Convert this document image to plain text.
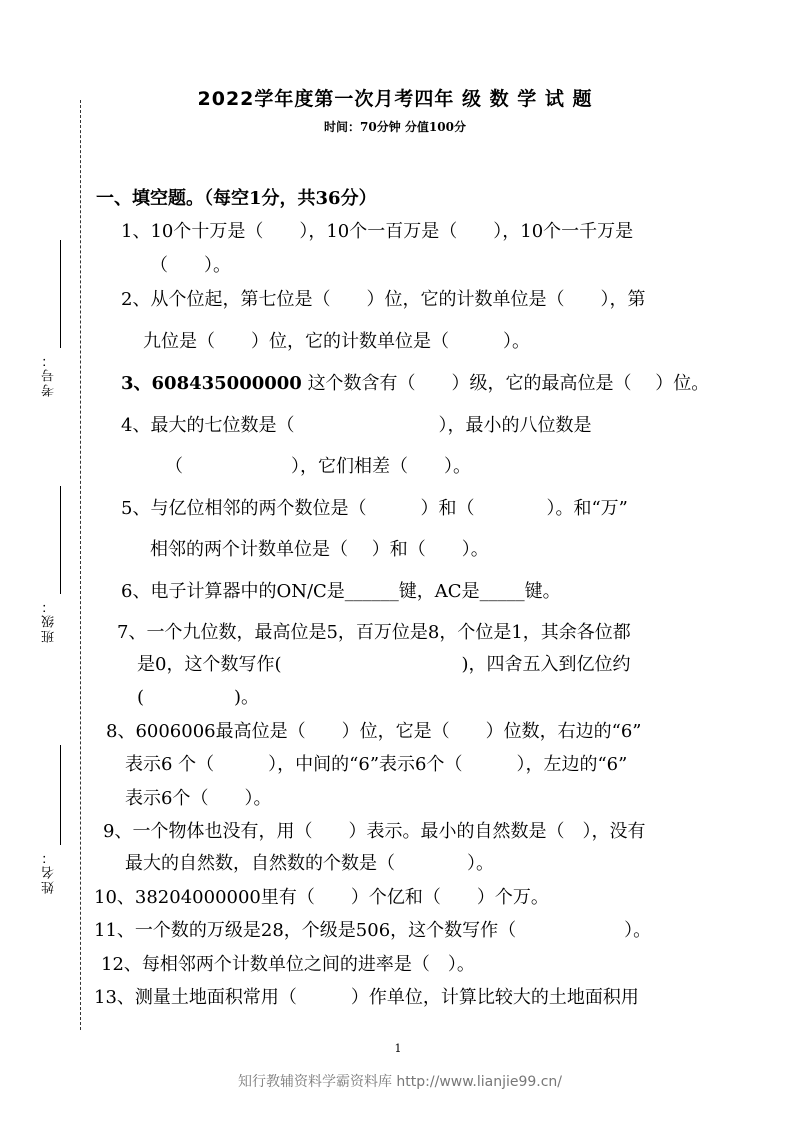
考号：
班级：
姓名：
2022学年度第一次月考四年 级 数 学 试 题
时间：70分钟 分值100分
一、填空题。（每空1分，共36分）
1、10个十万是（　　），10个一百万是（　　），10个一千万是
（　　）。
2、从个位起，第七位是（　　）位，它的计数单位是（　　），第
九位是（　　）位，它的计数单位是（　　　）。
3、608435000000 这个数含有（　　）级，它的最高位是（　 ）位。
4、最大的七位数是（　　　　　　　　），最小的八位数是
（　　　　　　），它们相差（　　）。
5、与亿位相邻的两个数位是（　　　）和（　　　　）。和“万”
相邻的两个计数单位是（　 ）和（　　）。
6、电子计算器中的ON/C是______键，AC是_____键。
7、一个九位数，最高位是5，百万位是8，个位是1，其余各位都
是0，这个数写作(　　　　　　　　　　)，四舍五入到亿位约
(　　　　　)。
8、6006006最高位是（　　）位，它是（　　）位数，右边的“6”
表示6 个（　　　），中间的“6”表示6个（　　　），左边的“6”
表示6个（　　）。
9、一个物体也没有，用（　　）表示。最小的自然数是（　），没有
最大的自然数，自然数的个数是（　　　　）。
10、38204000000里有（　　）个亿和（　　）个万。
11、一个数的万级是28，个级是506，这个数写作（　　　　　　）。
12、每相邻两个计数单位之间的进率是（　）。
13、测量土地面积常用（　　　）作单位，计算比较大的土地面积用
1
知行教辅资料学霸资料库 http://www.lianjie99.cn/
